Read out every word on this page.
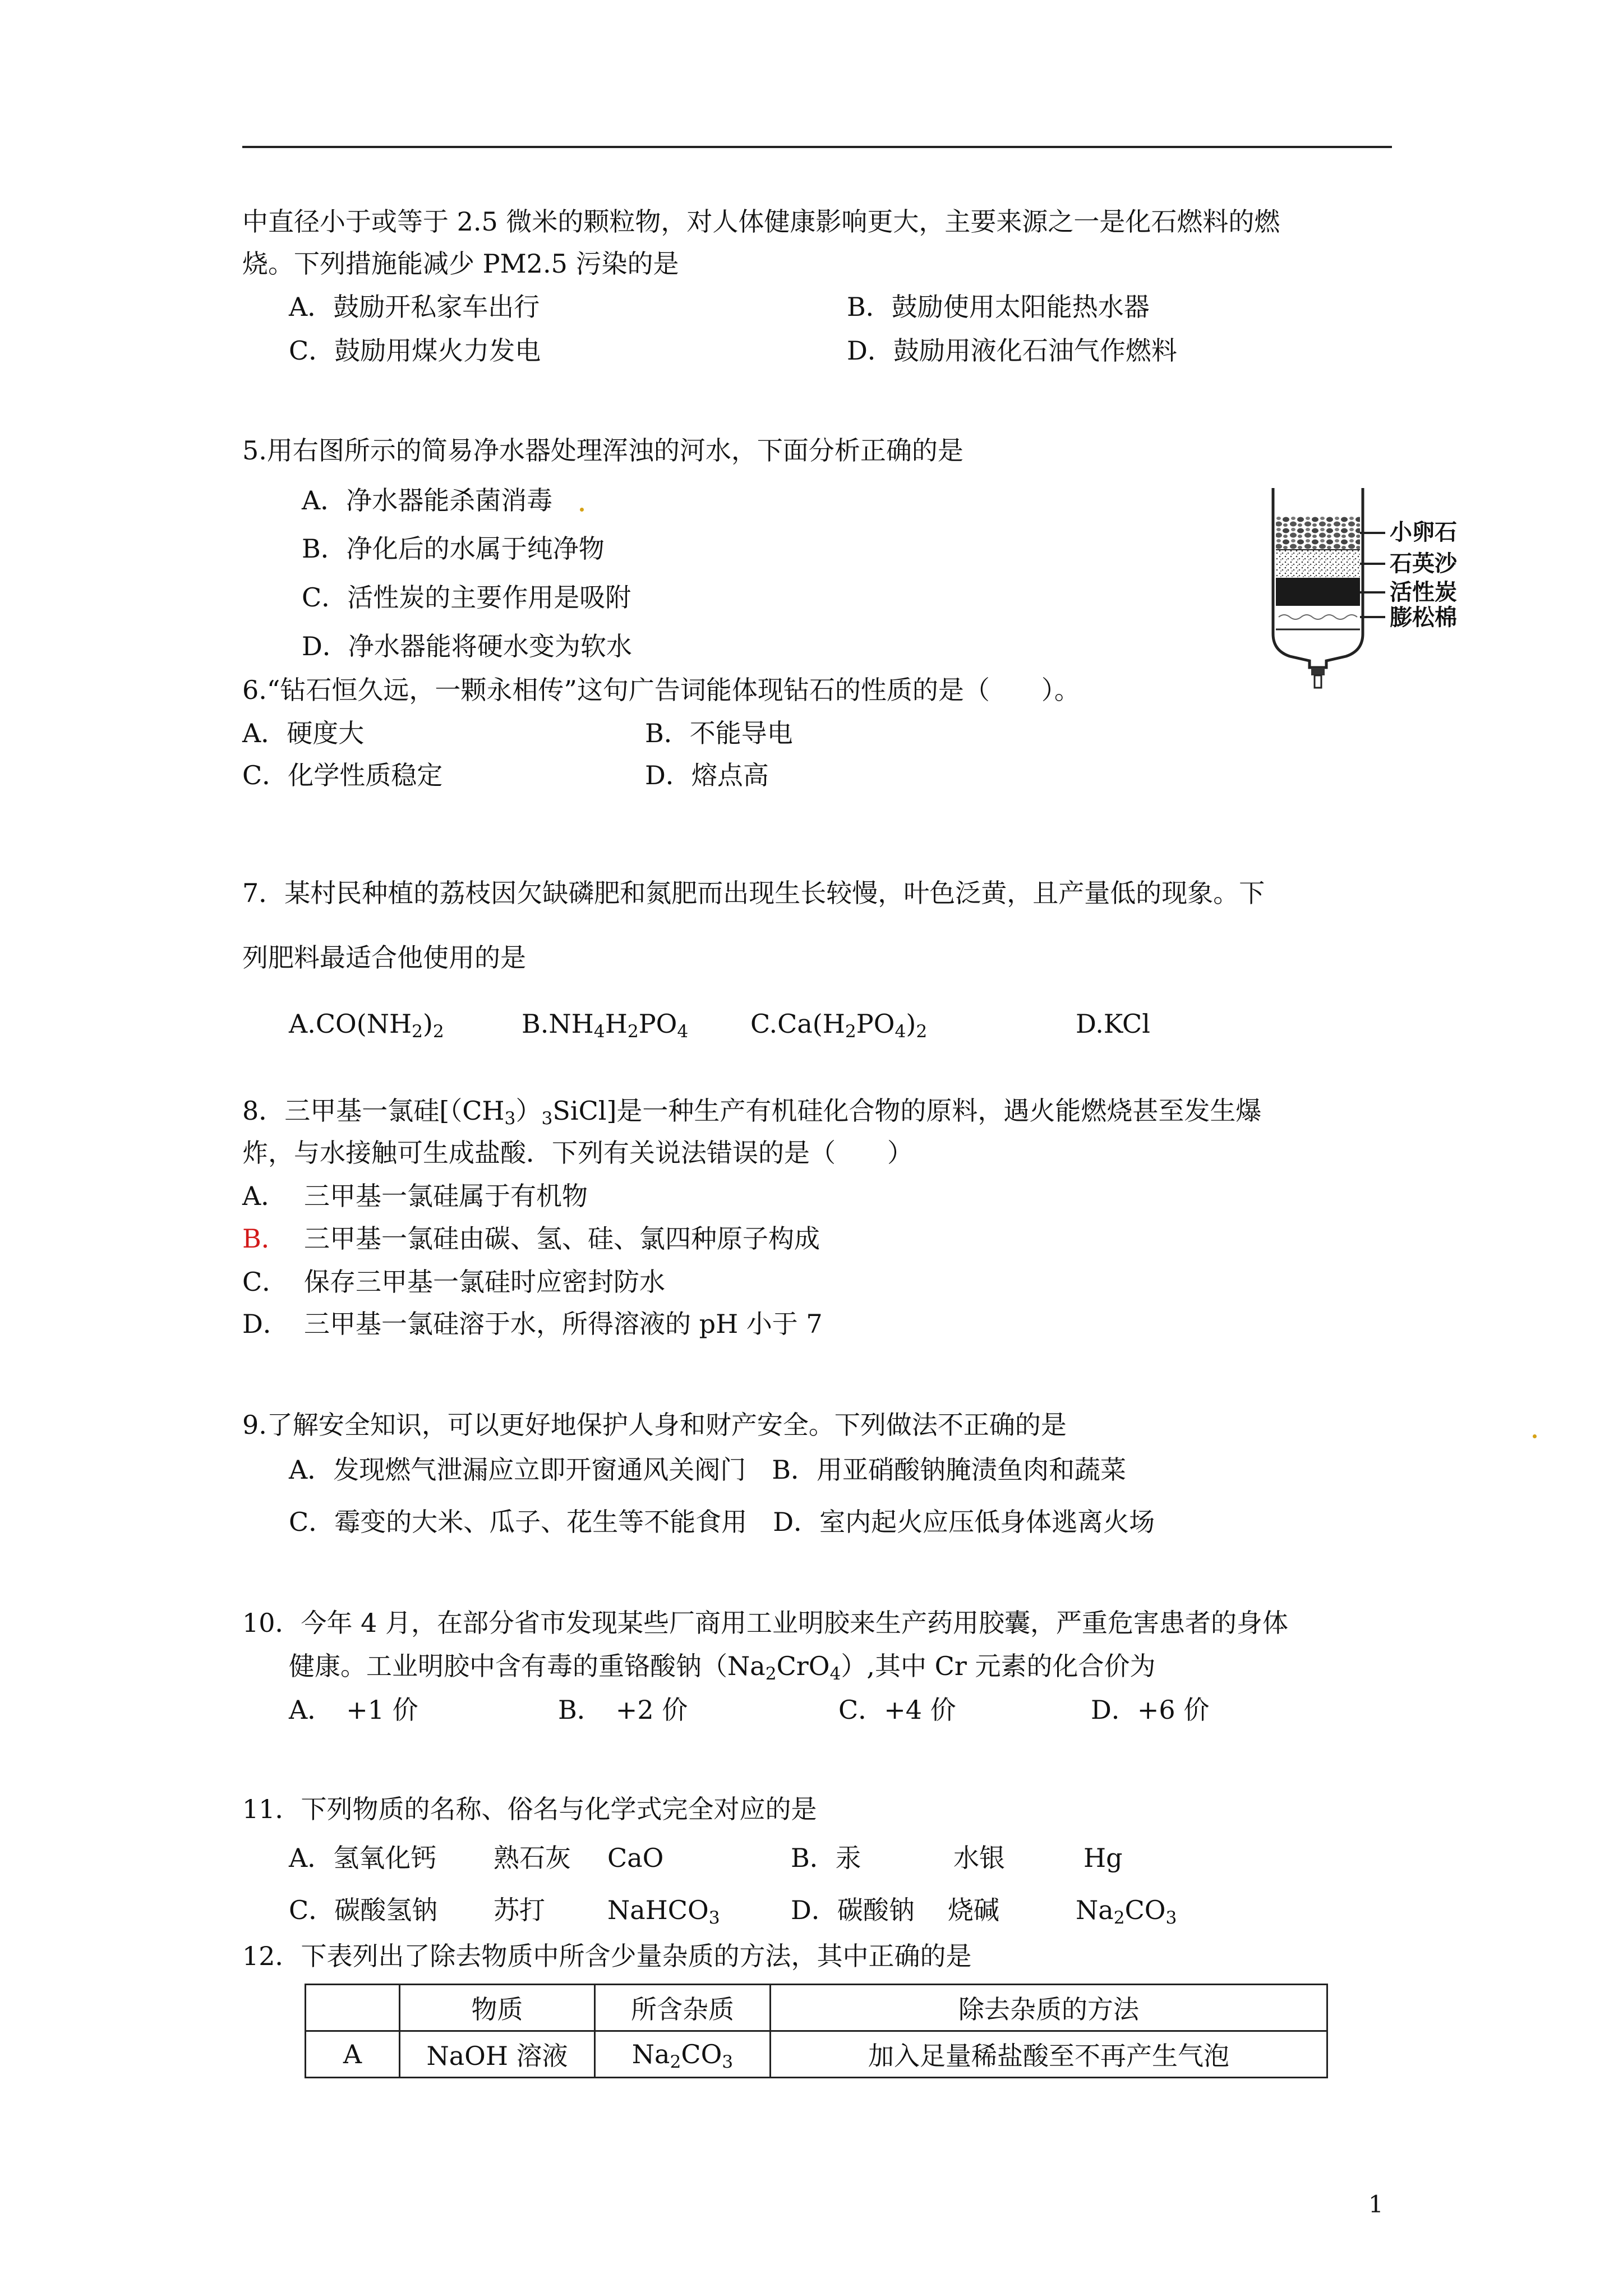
中直径小于或等于 2.5 微米的颗粒物，对人体健康影响更大，主要来源之一是化石燃料的燃
烧。下列措施能减少 PM2.5 污染的是
A．鼓励开私家车出行	B．鼓励使用太阳能热水器
C．鼓励用煤火力发电	D．鼓励用液化石油气作燃料
5.用右图所示的简易净水器处理浑浊的河水，下面分析正确的是
A．净水器能杀菌消毒
B．净化后的水属于纯净物
C．活性炭的主要作用是吸附
D．净水器能将硬水变为软水
小卵石
石英沙
活性炭
膨松棉
6.“钻石恒久远，一颗永相传”这句广告词能体现钻石的性质的是（　　）。
A．硬度大	B．不能导电
C．化学性质稳定	D．熔点高
7．某村民种植的荔枝因欠缺磷肥和氮肥而出现生长较慢，叶色泛黄，且产量低的现象。下
列肥料最适合他使用的是
$A.CO(NH_2)_2$	$B.NH_4H_2PO_4$ $C.Ca(H_2PO_4)_2$	D.KCl
8．三甲基一氯硅$[(CH_3)_3SiCl]$是一种生产有机硅化合物的原料，遇火能燃烧甚至发生爆
炸，与水接触可生成盐酸．下列有关说法错误的是（　　）
A． 三甲基一氯硅属于有机物
B． 三甲基一氯硅由碳、氢、硅、氯四种原子构成
C． 保存三甲基一氯硅时应密封防水
D． 三甲基一氯硅溶于水，所得溶液的 pH 小于 7
9.了解安全知识，可以更好地保护人身和财产安全。下列做法不正确的是
A．发现燃气泄漏应立即开窗通风关阀门　B．用亚硝酸钠腌渍鱼肉和蔬菜
C．霉变的大米、瓜子、花生等不能食用　D．室内起火应压低身体逃离火场
10．今年 4 月，在部分省市发现某些厂商用工业明胶来生产药用胶囊，严重危害患者的身体
健康。工业明胶中含有毒的重铬酸钠$(Na_2CrO_4)$,其中 Cr 元素的化合价为
A．　+1 价	B．　+2 价	C．+4 价	D．+6 价
11．下列物质的名称、俗名与化学式完全对应的是
A．氢氧化钙 熟石灰 CaO	B．汞	水银	Hg
C．碳酸氢钠 苏打 NaHCO$_3$	D．碳酸钠 烧碱	$Na_2CO_3$
12．下表列出了除去物质中所含少量杂质的方法，其中正确的是
	物质	所含杂质	除去杂质的方法
A	NaOH 溶液	$Na_2CO_3$	加入足量稀盐酸至不再产生气泡
1
